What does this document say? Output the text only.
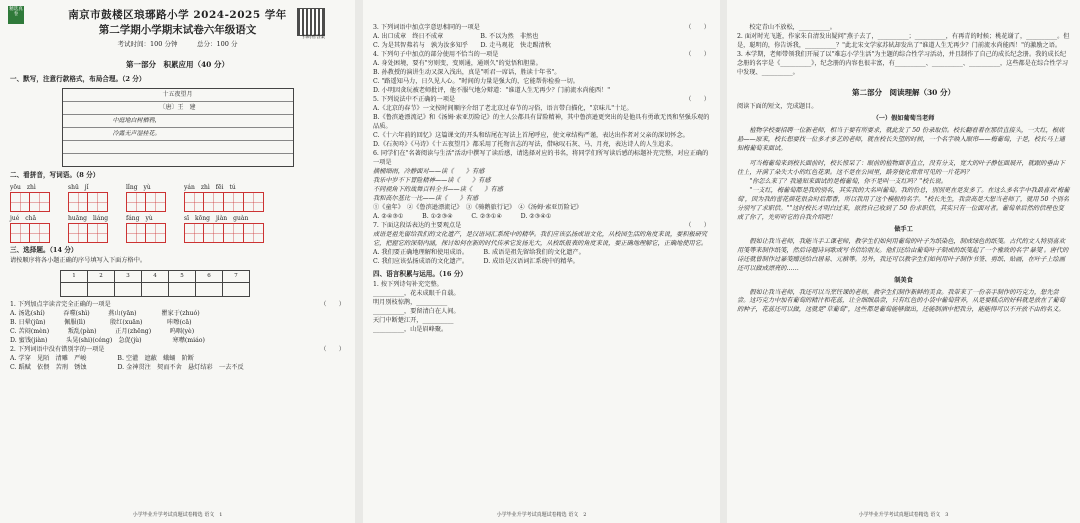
精选真卷
扫码看答案
南京市鼓楼区琅琊路小学 2024-2025 学年
第二学期小学期末试卷六年级语文
考试时间：100 分钟　　　总分：100 分
第一部分　积累应用（40 分）
一、默写，注意行款格式，布局合理。（2 分）
十五夜望月
〔唐〕王　建
中庭地白树栖鸦，
冷露无声湿桂花。
二、看拼音，写词语。（8 分）
yōu　zhì	shū　jǐ	lǐng　yù	yán　zhì　fēi　tú
jué　chā	huāng　liáng	fáng　yù	sī　kōng　jiàn　guàn
三、选择题。（14 分）
请按顺序将各小题正确的序号填写入下面方格中。
1	2	3	4	5	6	7

1. 下列加点字读音完全正确的一项是	（　　）
A. 汤匙(shí)　　　吞噬(shì)　　　燕山(yān)　　　　瞿家于(zhuó)
B. 日晕(jūn)　　　佩服(lì)　　　　殷红(xuān)　　　　咔嚓(cā)
C. 苦闷(mèn)　　　叛乱(pàn)　　　正月(zhēng)　　　呜咽(yè)
D. 蜜饯(jiàn)　　　头晃(shi)(céng)　急促(jù)　　　　　寒噤(miáo)
2. 下列词语中没有错别字的一项是	（　　）
A. 学穿　见陌　清雕　严峻　　　　　B. 空灌　遮蔽　蛾蛹　阶断
C. 蹈赋　依偎　苦刑　锈蚀　　　　　D. 金神贯注　契而不舍　悬灯结彩　一去不反
小学毕业升学考试真题试卷精选 语文　1
3. 下列词语中加点字意思相同的一项是	（　　）
A. 出口成章　终日不成章　　　　　　B. 不以为然　非然也
C. 为是其智弗若与　孰为汝多知乎　　D. 走马观花　快走踢清秋
4. 下列句子中加点的部分使用不恰当的一项是	（　　）

A. 身处困境，要有"穷则变，变则通，通则久"的觉悟和胆量。

B. 孙教授的演讲生动又深入浅出，真是"听君一席话，胜读十年书"。

C. "路遥知马力，日久见人心。"时间的力量是强大的，它能帮你检验一切。

D. 小明因贪玩被老师批评，他不服气地分辩道："谁道人生无再少？门前流水尚能西！"

5. 下列说法中不正确的一项是	（　　）

A.《北京的春节》一文按时间顺序介绍了老北京过春节的习俗，语言带白描化，"京味儿"十足。

B.《鲁滨逊漂流记》和《汤姆·索亚历险记》的主人公都具有冒险精神，其中鲁滨逊更突出的是他具有勇敢无畏和坚强乐观的品质。

C.《十六年前的回忆》这篇课文的开头和结尾在写法上首尾呼应，使文章结构严谨，表达出作者对父亲的深切怀念。

D.《石灰吟》《马诗》《十五夜望月》都采用了托物言志的写法，借咏叹石灰、马、月亮，表达诗人的人生追求。

6. 同学们在"名著阅读与生活"活动中撰写了读后感，请选择对应的书名，将同学们所写读后感的标题补充完整，对应正确的一项是

摘桶细雨，冷静面对——读《　　》有感

我乐中岁不下冒险精神——读《　　》有感

不同视角下的战舞百科全书——读《　　》有感

我和高尔基比一比——读《　　》有感

①《童年》　②《鲁滨逊漂流记》　③《骑鹅旅行记》　④《汤姆·索亚历险记》

A. ②④③①　　　B. ①②③④　　　C. ②③①④　　　D. ②③④①

7. 下面这段话表达的主要观点是	（　　）

成语是祖先留给我们的文化遗产，是汉语词汇系统中的精华。我们应该弘扬成语文化，从校园生活的角度来说，要积极研究它，把握它的深刻内涵，探讨如何在新的时代传承它发扬光大，从校纸报表的角度来说，要正确地理解它，正确地使用它。

A. 我们要正确地理解和使用成语。　　　B. 成语是祖先留给我们的文化遗产。

C. 我们应该弘扬成语的文化遗产。　　　D. 成语是汉语词汇系统中的精华。

四、语言积累与运用。（16 分）

1. 按下列诗句补充完整。

__________，花未成眼千自载。

明月别枝惊鹊，__________

__________，要留清白在人间。

天门中断楚江开，__________

__________，山是眉峰聚。

小学毕业升学考试真题试卷精选 语文　2

　　校定青山不放松，__________。

2. 面对时光飞逝，作家朱自清发出疑问"燕子去了，__________；__________，有再青的时候；桃花谢了，__________。但是，聪明的，你告诉我，__________？"此北宋文学家苏轼却发出了"谁道人生无再少？门前流水尚能西！"的激励之语。

3. 本学期，老师带领我们开展了以"难忘小学生活"为主题的综合性学习活动，并且制作了自己的成长纪念册。我的成长纪念册的名字是《__________》，纪念册的内容也很丰富，有__________、__________、__________，这些都是在综合性学习中发现、__________。

第二部分　阅读理解（30 分）

阅读下面的短文，完成题目。

（一）假如葡萄当老师

　　植物学校要招聘一位新老师，相当于要有所要求，就此发了 50 份录取信。校长翻看着在那信直接头，一大红，根底悬——原来，校长想要找一位多才多艺的老师，就在校长失望的时候，一个名字映入眼帘——梅葡萄，于是，校长马上通知梅葡萄来面试。

　　可当梅葡萄来到校长面前时，校长惊呆了：眼前的植物面非直立，没有分支，宽大的叶子静怔面展开，就跟的垂由下往上，开满了朵失大小的红色花果。这不是在公园里，路旁便化常常可见的一片花吗？

　　"你怎么来了？我通知来面试的是梅葡萄，你不是叫一支红吗？"校长说。

　　"一支红，梅葡萄都是我的别名，其实我的大名叫葡萄。我的份总，别别更在是发多了。在这么多名字中我最喜欢'梅葡萄'，因为我的蕾花颜花很会时后都香，所以我用了这个模般的名字。"校长先生，我尝高是大想当老师了，就用 50 个别名分别写了求职信。""这时校长才明白过来，原然自己收到了 50 份求职信，其实只有一位面对者。葡萄单后然的信理也变成了你了，先听听它的自我介绍吧！

做手工

　　假如让我当老师，我能当手工课老师，教学生们如何用葡萄的叶子为纸染色，制成绿色的纸笺。古代的文人特别喜欢用笺等来制作纸笺，然后诗题诗词歌或写书信给朋友。他们还给由葡萄叶子制成的纸笺起了一个雅致的名字'暴笺'。唐代的诗还就曾制作过暴笺赠送给白居易、元稹等。另外，我还可以教学生们如何用叶子制作书签、剪纸、贴画，在叶子上绘画还可以做成漂亮的……

制美食

　　假如让我当老师，我还可以当烹饪课的老师，教学生们制作新鲜的美食。我带来了一份亲手制作的巧克力，想先尝尝。这巧克力中加有葡萄的精汁和花蕊，让全细细品尝，只有红色的小袋中葡萄营养，从是要糕点的好料就是放在了葡萄的种子，花蕊还可以做，这就是"草葡萄"，这些都是葡萄能够做出，还能制酒中把我分，能能得可以不开放不由的名义。

小学毕业升学考试真题试卷精选 语文　3
